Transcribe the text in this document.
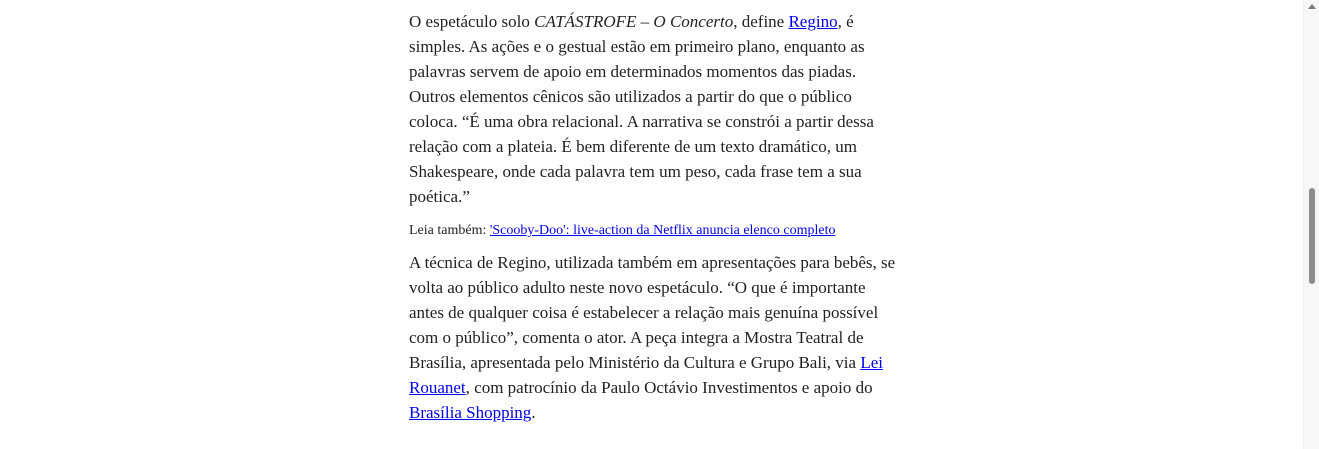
O espetáculo solo CATÁSTROFE – O Concerto, define Regino, é simples. As ações e o gestual estão em primeiro plano, enquanto as palavras servem de apoio em determinados momentos das piadas. Outros elementos cênicos são utilizados a partir do que o público coloca. “É uma obra relacional. A narrativa se constrói a partir dessa relação com a plateia. É bem diferente de um texto dramático, um Shakespeare, onde cada palavra tem um peso, cada frase tem a sua poética.”

Leia também: 'Scooby-Doo': live-action da Netflix anuncia elenco completo

A técnica de Regino, utilizada também em apresentações para bebês, se volta ao público adulto neste novo espetáculo. “O que é importante antes de qualquer coisa é estabelecer a relação mais genuína possível com o público”, comenta o ator. A peça integra a Mostra Teatral de Brasília, apresentada pelo Ministério da Cultura e Grupo Bali, via Lei Rouanet, com patrocínio da Paulo Octávio Investimentos e apoio do Brasília Shopping.
